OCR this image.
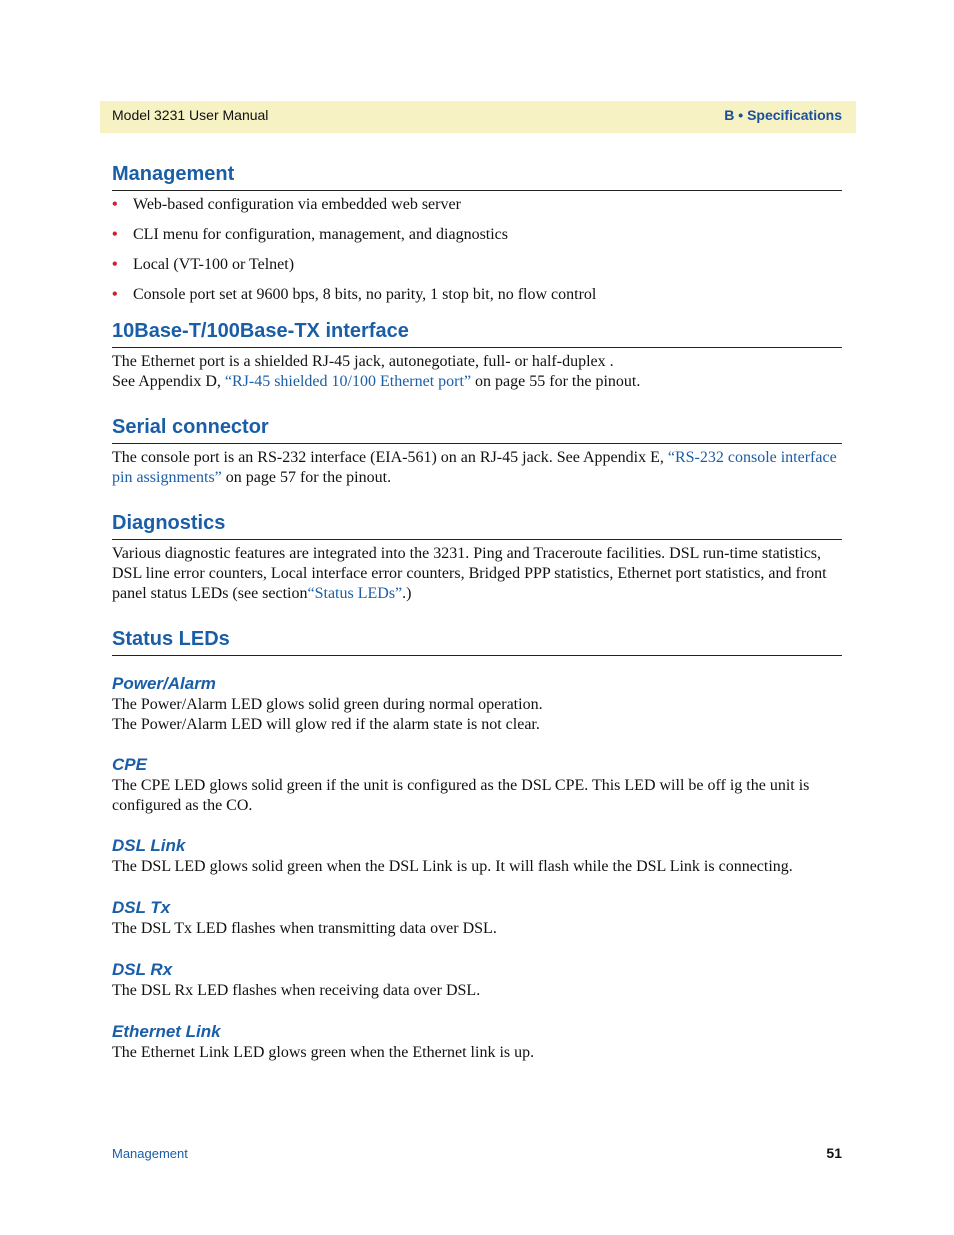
Model 3231 User Manual	B • Specifications
Management
• Web-based configuration via embedded web server
• CLI menu for configuration, management, and diagnostics
• Local (VT-100 or Telnet)
• Console port set at 9600 bps, 8 bits, no parity, 1 stop bit, no flow control
10Base-T/100Base-TX interface

The Ethernet port is a shielded RJ-45 jack, autonegotiate, full- or half-duplex .
See Appendix D, “RJ-45 shielded 10/100 Ethernet port” on page 55 for the pinout.

Serial connector

The console port is an RS-232 interface (EIA-561) on an RJ-45 jack. See Appendix E, “RS-232 console interface pin assignments” on page 57 for the pinout.

Diagnostics

Various diagnostic features are integrated into the 3231. Ping and Traceroute facilities. DSL run-time statistics, DSL line error counters, Local interface error counters, Bridged PPP statistics, Ethernet port statistics, and front panel status LEDs (see section“Status LEDs”.)

Status LEDs
Power/Alarm

The Power/Alarm LED glows solid green during normal operation.

The Power/Alarm LED will glow red if the alarm state is not clear.

CPE

The CPE LED glows solid green if the unit is configured as the DSL CPE. This LED will be off ig the unit is configured as the CO.

DSL Link

The DSL LED glows solid green when the DSL Link is up. It will flash while the DSL Link is connecting.

DSL Tx

The DSL Tx LED flashes when transmitting data over DSL.

DSL Rx

The DSL Rx LED flashes when receiving data over DSL.

Ethernet Link

The Ethernet Link LED glows green when the Ethernet link is up.

Management	51
